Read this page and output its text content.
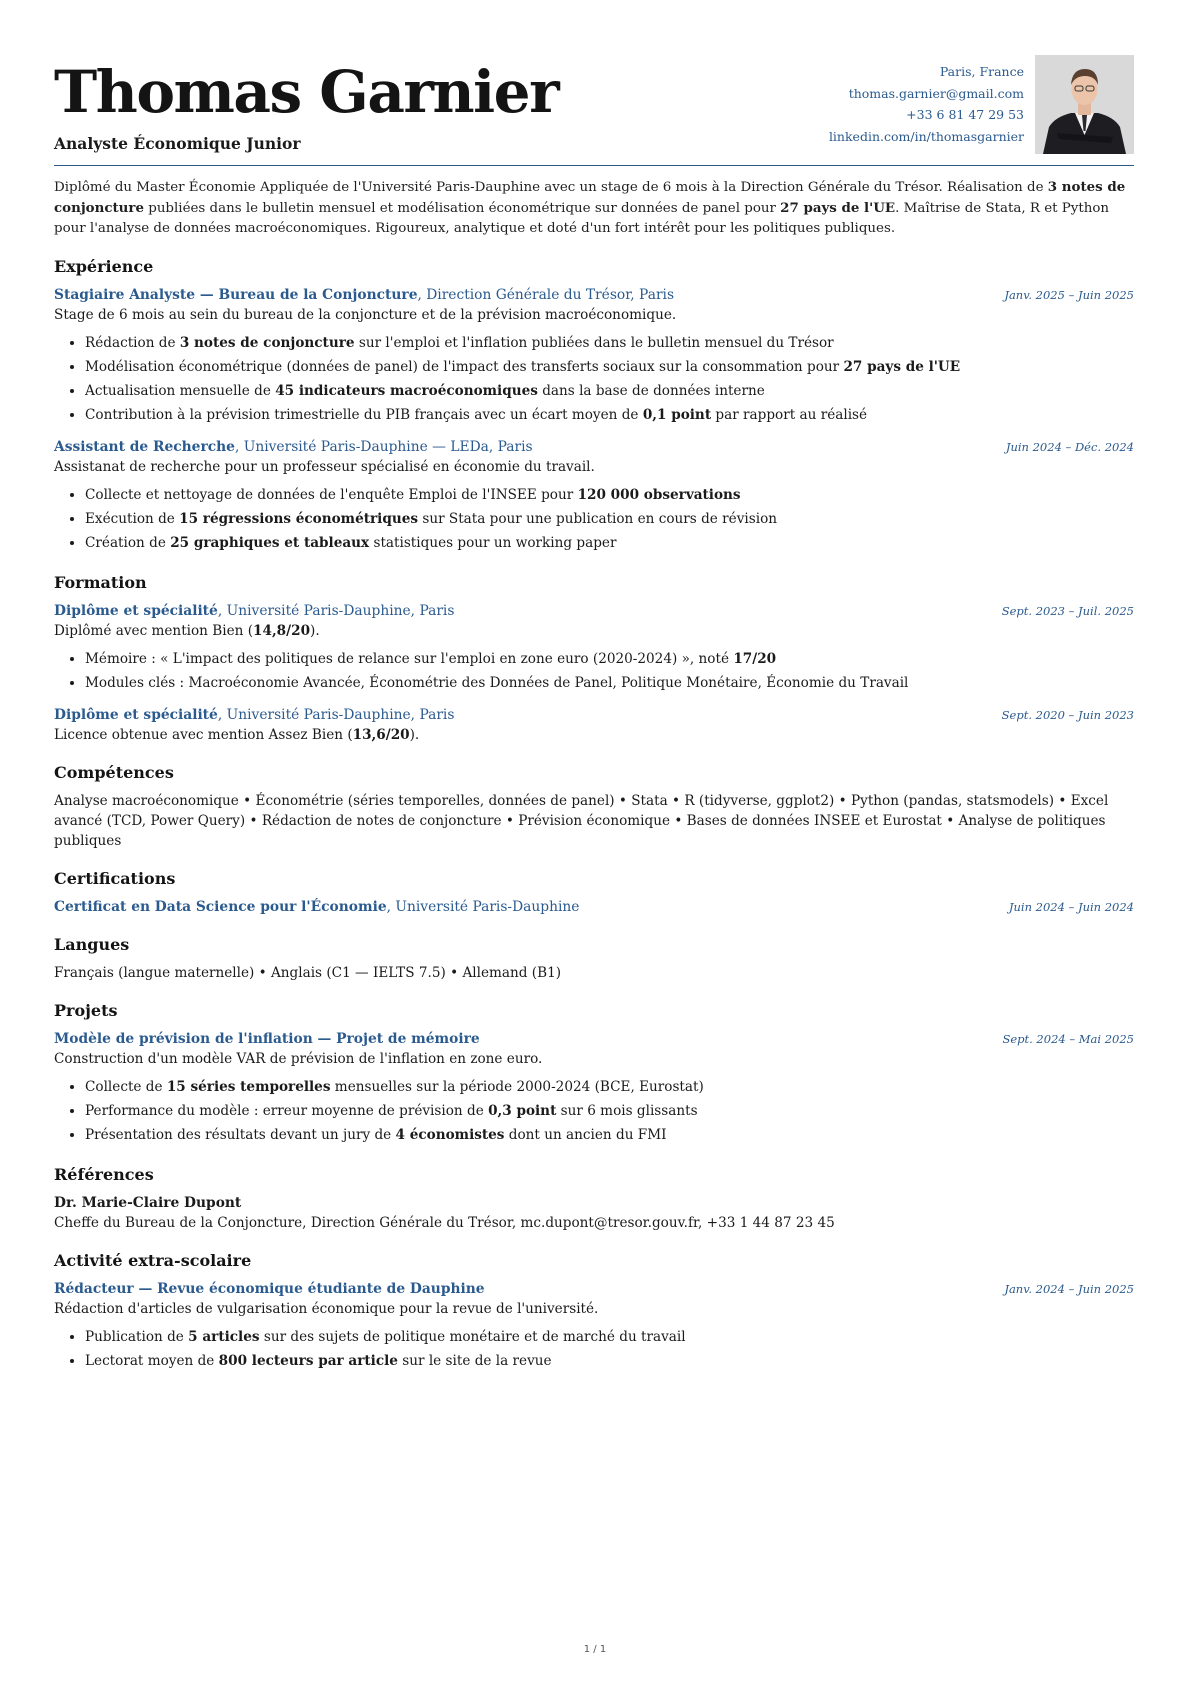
Thomas Garnier
Analyste Économique Junior
Paris, France
thomas.garnier@gmail.com
+33 6 81 47 29 53
linkedin.com/in/thomasgarnier
Diplômé du Master Économie Appliquée de l'Université Paris-Dauphine avec un stage de 6 mois à la Direction Générale du Trésor. Réalisation de 3 notes de conjoncture publiées dans le bulletin mensuel et modélisation économétrique sur données de panel pour 27 pays de l'UE. Maîtrise de Stata, R et Python pour l'analyse de données macroéconomiques. Rigoureux, analytique et doté d'un fort intérêt pour les politiques publiques.
Expérience
Stagiaire Analyste — Bureau de la Conjoncture, Direction Générale du Trésor, Paris	Janv. 2025 – Juin 2025
Stage de 6 mois au sein du bureau de la conjoncture et de la prévision macroéconomique.
• Rédaction de 3 notes de conjoncture sur l'emploi et l'inflation publiées dans le bulletin mensuel du Trésor
• Modélisation économétrique (données de panel) de l'impact des transferts sociaux sur la consommation pour 27 pays de l'UE
• Actualisation mensuelle de 45 indicateurs macroéconomiques dans la base de données interne
• Contribution à la prévision trimestrielle du PIB français avec un écart moyen de 0,1 point par rapport au réalisé
Assistant de Recherche, Université Paris-Dauphine — LEDa, Paris	Juin 2024 – Déc. 2024
Assistanat de recherche pour un professeur spécialisé en économie du travail.
• Collecte et nettoyage de données de l'enquête Emploi de l'INSEE pour 120 000 observations
• Exécution de 15 régressions économétriques sur Stata pour une publication en cours de révision
• Création de 25 graphiques et tableaux statistiques pour un working paper
Formation
Diplôme et spécialité, Université Paris-Dauphine, Paris	Sept. 2023 – Juil. 2025
Diplômé avec mention Bien (14,8/20).
• Mémoire : « L'impact des politiques de relance sur l'emploi en zone euro (2020-2024) », noté 17/20
• Modules clés : Macroéconomie Avancée, Économétrie des Données de Panel, Politique Monétaire, Économie du Travail
Diplôme et spécialité, Université Paris-Dauphine, Paris	Sept. 2020 – Juin 2023
Licence obtenue avec mention Assez Bien (13,6/20).
Compétences
Analyse macroéconomique • Économétrie (séries temporelles, données de panel) • Stata • R (tidyverse, ggplot2) • Python (pandas, statsmodels) • Excel avancé (TCD, Power Query) • Rédaction de notes de conjoncture • Prévision économique • Bases de données INSEE et Eurostat • Analyse de politiques publiques
Certifications
Certificat en Data Science pour l'Économie, Université Paris-Dauphine	Juin 2024 – Juin 2024
Langues
Français (langue maternelle) • Anglais (C1 — IELTS 7.5) • Allemand (B1)
Projets
Modèle de prévision de l'inflation — Projet de mémoire	Sept. 2024 – Mai 2025
Construction d'un modèle VAR de prévision de l'inflation en zone euro.
• Collecte de 15 séries temporelles mensuelles sur la période 2000-2024 (BCE, Eurostat)
• Performance du modèle : erreur moyenne de prévision de 0,3 point sur 6 mois glissants
• Présentation des résultats devant un jury de 4 économistes dont un ancien du FMI
Références
Dr. Marie-Claire Dupont
Cheffe du Bureau de la Conjoncture, Direction Générale du Trésor, mc.dupont@tresor.gouv.fr, +33 1 44 87 23 45
Activité extra-scolaire
Rédacteur — Revue économique étudiante de Dauphine	Janv. 2024 – Juin 2025
Rédaction d'articles de vulgarisation économique pour la revue de l'université.
• Publication de 5 articles sur des sujets de politique monétaire et de marché du travail
• Lectorat moyen de 800 lecteurs par article sur le site de la revue
1 / 1
